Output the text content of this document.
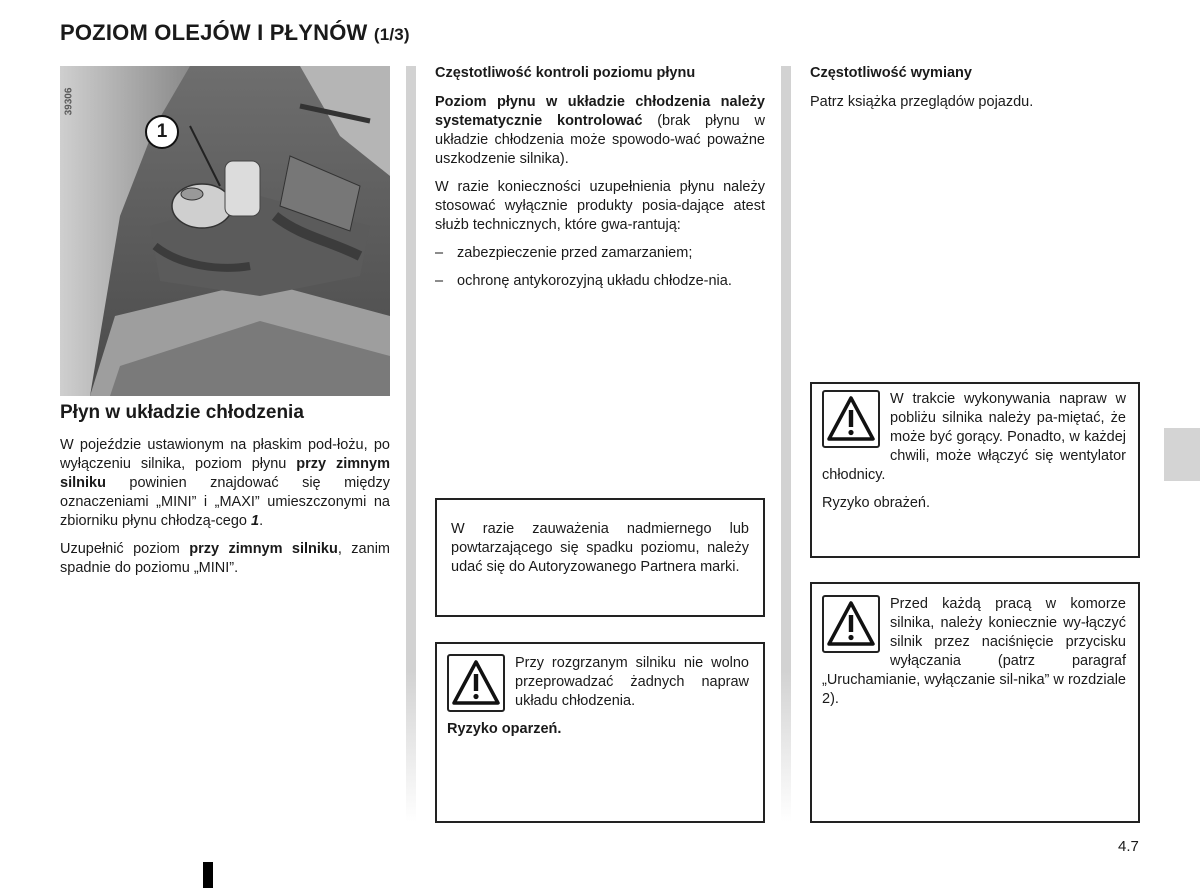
POZIOM OLEJÓW I PŁYNÓW (1/3)
39306
1
Płyn w układzie chłodzenia

W pojeździe ustawionym na płaskim pod-łożu, po wyłączeniu silnika, poziom płynu przy zimnym silniku powinien znajdować się między oznaczeniami „MINI” i „MAXI” umieszczonymi na zbiorniku płynu chłodzą-cego 1.

Uzupełnić poziom przy zimnym silniku, zanim spadnie do poziomu „MINI”.

Częstotliwość kontroli poziomu płynu

Poziom płynu w układzie chłodzenia należy systematycznie kontrolować (brak płynu w układzie chłodzenia może spowodo-wać poważne uszkodzenie silnika).

W razie konieczności uzupełnienia płynu należy stosować wyłącznie produkty posia-dające atest służb technicznych, które gwa-rantują:

– zabezpieczenie przed zamarzaniem;
– ochronę antykorozyjną układu chłodze-nia.

W razie zauważenia nadmiernego lub powtarzającego się spadku poziomu, należy udać się do Autoryzowanego Partnera marki.

Przy rozgrzanym silniku nie wolno przeprowadzać żadnych napraw układu chłodzenia.

Ryzyko oparzeń.

Częstotliwość wymiany

Patrz książka przeglądów pojazdu.

W trakcie wykonywania napraw w pobliżu silnika należy pa-miętać, że może być gorący. Ponadto, w każdej chwili, może włączyć się wentylator chłodnicy.

Ryzyko obrażeń.

Przed każdą pracą w komorze silnika, należy koniecznie wy-łączyć silnik przez naciśnięcie przycisku wyłączania (patrz paragraf „Uruchamianie, wyłączanie sil-nika” w rozdziale 2).

4.7
